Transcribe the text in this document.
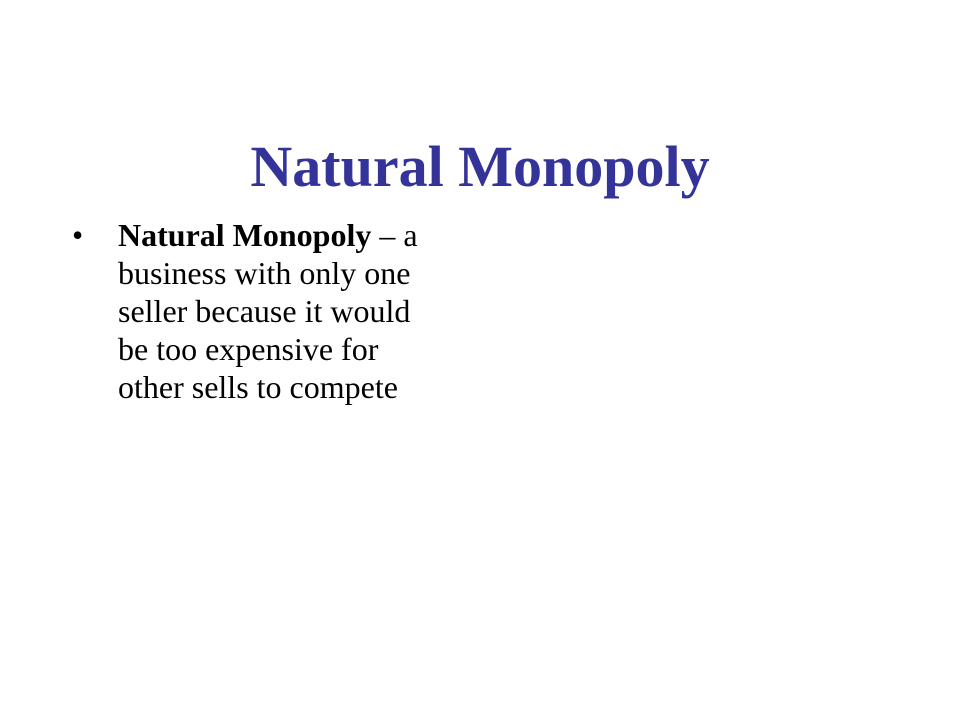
Natural Monopoly
•	Natural Monopoly – a business with only one seller because it would be too expensive for other sells to compete
